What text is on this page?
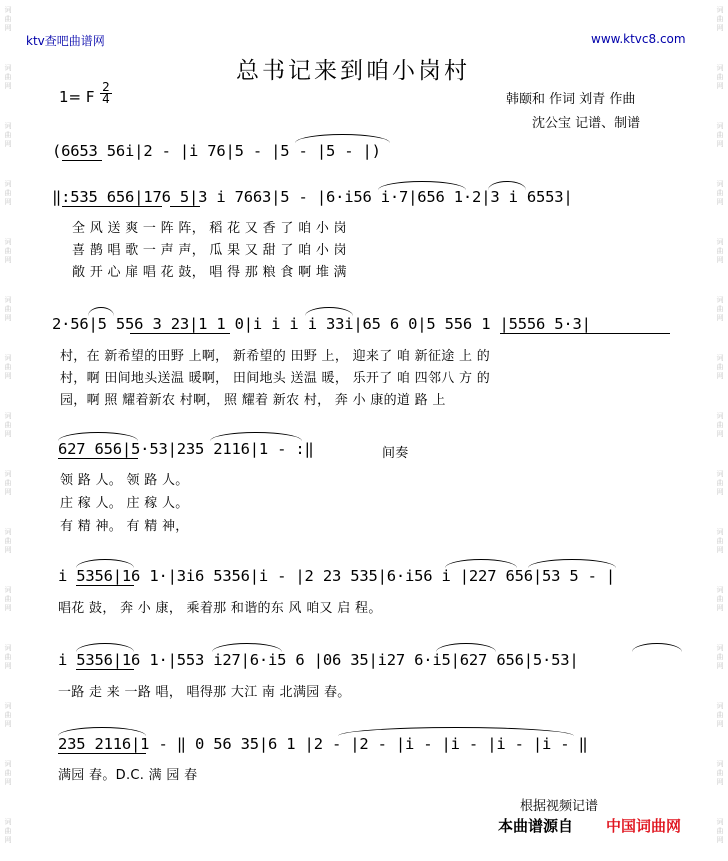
词
曲
网
词
曲
网
词
曲
网
词
曲
网
词
曲
网
词
曲
网
词
曲
网
词
曲
网
词
曲
网
词
曲
网
词
曲
网
词
曲
网
词
曲
网
词
曲
网
词
曲
网
词
曲
网
词
曲
网
词
曲
网
词
曲
网
词
曲
网
词
曲
网
词
曲
网
词
曲
网
词
曲
网
词
曲
网
词
曲
网
词
曲
网
词
曲
网
词
曲
网
词
曲
网
ktv查吧曲谱网	www.ktvc8.com
总书记来到咱小岗村
1= F $\frac{2}{4}$	韩颐和 作词 刘青 作曲
沈公宝 记谱、制谱
(6653 56i|2 - |i 76|5 - |5 - |5 - |)
‖:535 656|176 5|3 i 7663|5 - |6·i56 i·7|656 1·2|3 i 6553|
全 风 送 爽 一 阵 阵， 稻 花 又 香 了 咱 小 岗
喜 鹊 唱 歌 一 声 声， 瓜 果 又 甜 了 咱 小 岗
敞 开 心 扉 唱 花 鼓， 唱 得 那 粮 食 啊 堆 满
2·56|5 556 3 23|1 1 0|i i i i 33i|65 6 0|5 556 1 |5556 5·3|
村，在 新希望的田野 上啊， 新希望的 田野 上， 迎来了 咱 新征途 上 的
村，啊 田间地头送温 暖啊， 田间地头 送温 暖， 乐开了 咱 四邻八 方 的
园，啊 照 耀着新农 村啊， 照 耀着 新农 村， 奔 小 康的道 路 上
627 656|5·53|235 2116|1 - :‖	间奏
领 路 人。 领 路 人。
庄 稼 人。 庄 稼 人。
有 精 神。 有 精 神，
i 5356|16 1·|3i6 5356|i - |2 23 535|6·i56 i |227 656|53 5 - |
唱花 鼓， 奔 小 康， 乘着那 和谐的东 风 咱又 启 程。
i 5356|16 1·|553 i27|6·i5 6 |06 35|i27 6·i5|627 656|5·53|
一路 走 来 一路 唱， 唱得那 大江 南 北满园 春。
235 2116|1 - ‖ 0 56 35|6 1 |2 - |2 - |i - |i - |i - |i - ‖
满园 春。D.C. 满 园 春
根据视频记谱
本曲谱源自 中国词曲网
